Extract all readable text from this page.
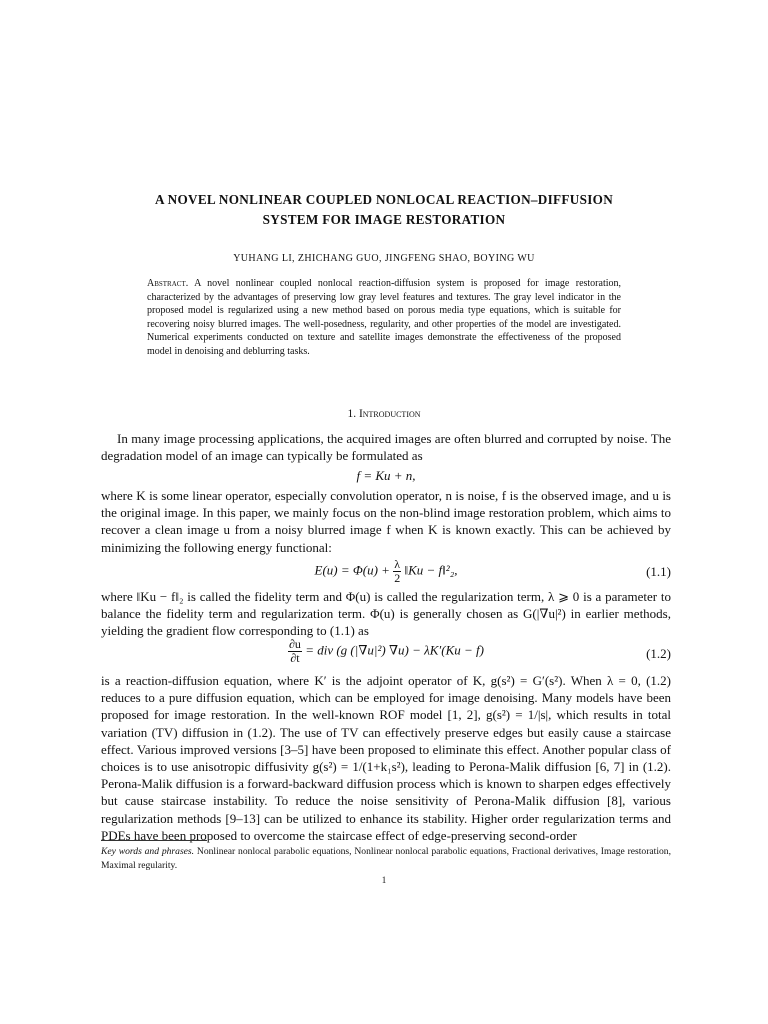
A NOVEL NONLINEAR COUPLED NONLOCAL REACTION–DIFFUSION
SYSTEM FOR IMAGE RESTORATION
YUHANG LI, ZHICHANG GUO, JINGFENG SHAO, BOYING WU
Abstract. A novel nonlinear coupled nonlocal reaction-diffusion system is proposed for image restoration, characterized by the advantages of preserving low gray level features and textures. The gray level indicator in the proposed model is regularized using a new method based on porous media type equations, which is suitable for recovering noisy blurred images. The well-posedness, regularity, and other properties of the model are investigated. Numerical experiments conducted on texture and satellite images demonstrate the effectiveness of the proposed model in denoising and deblurring tasks.
1. Introduction
In many image processing applications, the acquired images are often blurred and corrupted by noise. The degradation model of an image can typically be formulated as
f = Ku + n,
where K is some linear operator, especially convolution operator, n is noise, f is the observed image, and u is the original image. In this paper, we mainly focus on the non-blind image restoration problem, which aims to recover a clean image u from a noisy blurred image f when K is known exactly. This can be achieved by minimizing the following energy functional:
$E(u) = \Phi(u) + \frac{\lambda}{2}$ ‖Ku − f‖²₂,	(1.1)
where ‖Ku − f‖₂ is called the fidelity term and Φ(u) is called the regularization term, λ ⩾ 0 is a parameter to balance the fidelity term and regularization term. Φ(u) is generally chosen as G(|∇u|²) in earlier methods, yielding the gradient flow corresponding to (1.1) as
$\frac{\partial u}{\partial t}$ = div (g (|∇u|²) ∇u) − λK′(Ku − f)	(1.2)
is a reaction-diffusion equation, where K′ is the adjoint operator of K, g(s²) = G′(s²). When λ = 0, (1.2) reduces to a pure diffusion equation, which can be employed for image denoising. Many models have been proposed for image restoration. In the well-known ROF model [1, 2], g(s²) = 1/|s|, which results in total variation (TV) diffusion in (1.2). The use of TV can effectively preserve edges but easily cause a staircase effect. Various improved versions [3–5] have been proposed to eliminate this effect. Another popular class of choices is to use anisotropic diffusivity g(s²) = 1/(1+k₁s²), leading to Perona-Malik diffusion [6, 7] in (1.2). Perona-Malik diffusion is a forward-backward diffusion process which is known to sharpen edges effectively but cause staircase instability. To reduce the noise sensitivity of Perona-Malik diffusion [8], various regularization methods [9–13] can be utilized to enhance its stability. Higher order regularization terms and PDEs have been proposed to overcome the staircase effect of edge-preserving second-order
Key words and phrases. Nonlinear nonlocal parabolic equations, Nonlinear nonlocal parabolic equations, Fractional derivatives, Image restoration, Maximal regularity.
1
